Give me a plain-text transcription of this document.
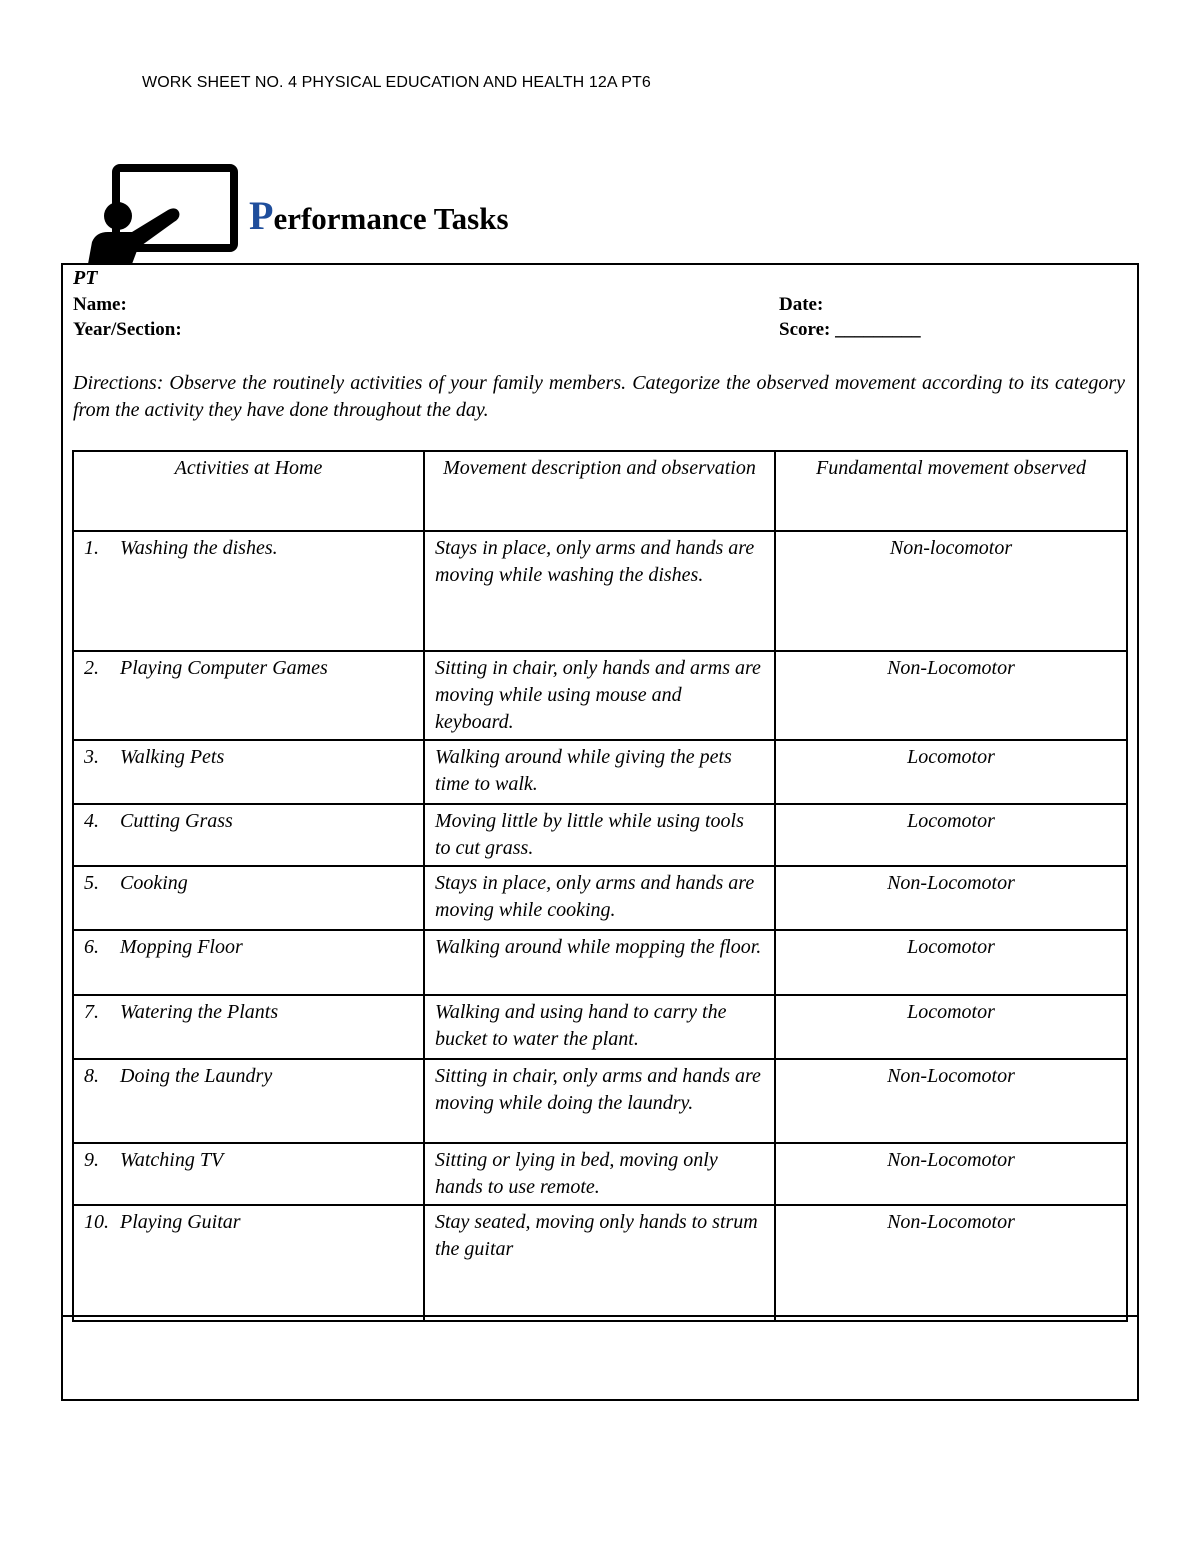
WORK SHEET NO. 4 PHYSICAL EDUCATION AND HEALTH 12A PT6
Performance Tasks
PT
Name:	Date:
Year/Section:	Score: _________
Directions: Observe the routinely activities of your family members. Categorize the observed movement according to its category from the activity they have done throughout the day.
Activities at Home	Movement description and observation	Fundamental movement observed
1. Washing the dishes.	Stays in place, only arms and hands are moving while washing the dishes.	Non-locomotor
2. Playing Computer Games	Sitting in chair, only hands and arms are moving while using mouse and keyboard.	Non-Locomotor
3. Walking Pets	Walking around while giving the pets time to walk.	Locomotor
4. Cutting Grass	Moving little by little while using tools to cut grass.	Locomotor
5. Cooking	Stays in place, only arms and hands are moving while cooking.	Non-Locomotor
6. Mopping Floor	Walking around while mopping the floor.	Locomotor
7. Watering the Plants	Walking and using hand to carry the bucket to water the plant.	Locomotor
8. Doing the Laundry	Sitting in chair, only arms and hands are moving while doing the laundry.	Non-Locomotor
9. Watching TV	Sitting or lying in bed, moving only hands to use remote.	Non-Locomotor
10. Playing Guitar	Stay seated, moving only hands to strum the guitar	Non-Locomotor
